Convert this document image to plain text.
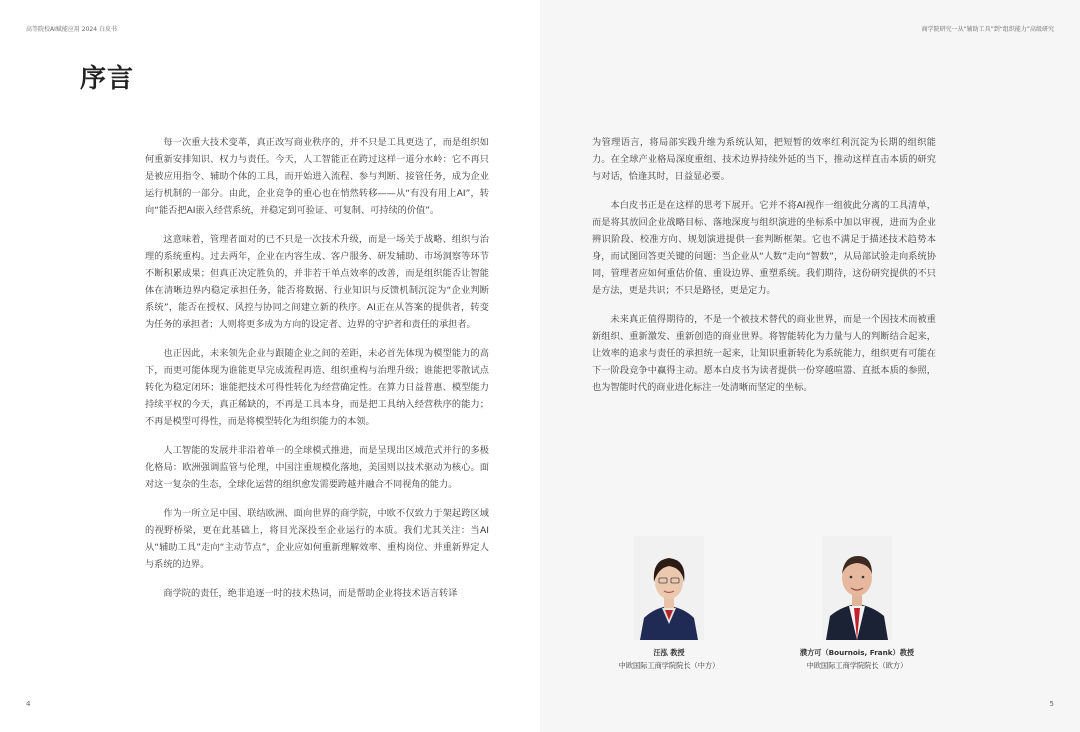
高等院校AI赋能应用 2024 白皮书
序言

每一次重大技术变革，真正改写商业秩序的，并不只是工具更迭了，而是组织如何重新安排知识、权力与责任。今天，人工智能正在跨过这样一道分水岭：它不再只是被应用指令、辅助个体的工具，而开始进入流程、参与判断、接管任务，成为企业运行机制的一部分。由此，企业竞争的重心也在悄然转移——从“有没有用上AI”，转向“能否把AI嵌入经营系统，并稳定到可验证、可复制、可持续的价值”。

这意味着，管理者面对的已不只是一次技术升级，而是一场关于战略、组织与治理的系统重构。过去两年，企业在内容生成、客户服务、研发辅助、市场洞察等环节不断积累成果；但真正决定胜负的，并非若干单点效率的改善，而是组织能否让智能体在清晰边界内稳定承担任务，能否将数据、行业知识与反馈机制沉淀为“企业判断系统”，能否在授权、风控与协同之间建立新的秩序。AI正在从答案的提供者，转变为任务的承担者；人则将更多成为方向的设定者、边界的守护者和责任的承担者。

也正因此，未来领先企业与跟随企业之间的差距，未必首先体现为模型能力的高下，而更可能体现为谁能更早完成流程再造、组织重构与治理升级；谁能把零散试点转化为稳定闭环；谁能把技术可得性转化为经营确定性。在算力日益普惠、模型能力持续平权的今天，真正稀缺的，不再是工具本身，而是把工具纳入经营秩序的能力；不再是模型可得性，而是将模型转化为组织能力的本领。

人工智能的发展并非沿着单一的全球模式推进，而是呈现出区域范式并行的多极化格局：欧洲强调监管与伦理，中国注重规模化落地，美国则以技术驱动为核心。面对这一复杂的生态，全球化运营的组织愈发需要跨越并融合不同视角的能力。

作为一所立足中国、联结欧洲、面向世界的商学院，中欧不仅致力于架起跨区域的视野桥梁，更在此基础上，将目光深投至企业运行的本质。我们尤其关注：当AI从“辅助工具”走向“主动节点”，企业应如何重新理解效率、重构岗位、并重新界定人与系统的边界。

商学院的责任，绝非追逐一时的技术热词，而是帮助企业将技术语言转译

4
商学院研究一从“辅助工具”到“组织能力”高级研究

为管理语言，将局部实践升维为系统认知，把短暂的效率红利沉淀为长期的组织能力。在全球产业格局深度重组、技术边界持续外延的当下，推动这样直击本质的研究与对话，恰逢其时，日益显必要。

本白皮书正是在这样的思考下展开。它并不将AI视作一组彼此分离的工具清单，而是将其放回企业战略目标、落地深度与组织演进的坐标系中加以审视，进而为企业辨识阶段、校准方向、规划演进提供一套判断框架。它也不满足于描述技术趋势本身，而试图回答更关键的问题：当企业从“人数”走向“智数”，从局部试验走向系统协同，管理者应如何重估价值、重设边界、重塑系统。我们期待，这份研究提供的不只是方法，更是共识；不只是路径，更是定力。

未来真正值得期待的，不是一个被技术替代的商业世界，而是一个因技术而被重新组织、重新激发、重新创造的商业世界。将智能转化为力量与人的判断结合起来，让效率的追求与责任的承担统一起来，让知识重新转化为系统能力，组织更有可能在下一阶段竞争中赢得主动。愿本白皮书为读者提供一份穿越喧嚣、直抵本质的参照，也为智能时代的商业进化标注一处清晰而坚定的坐标。

汪泓 教授
中欧国际工商学院院长（中方）
濮方可（Bournois, Frank）教授
中欧国际工商学院院长（欧方）
5
